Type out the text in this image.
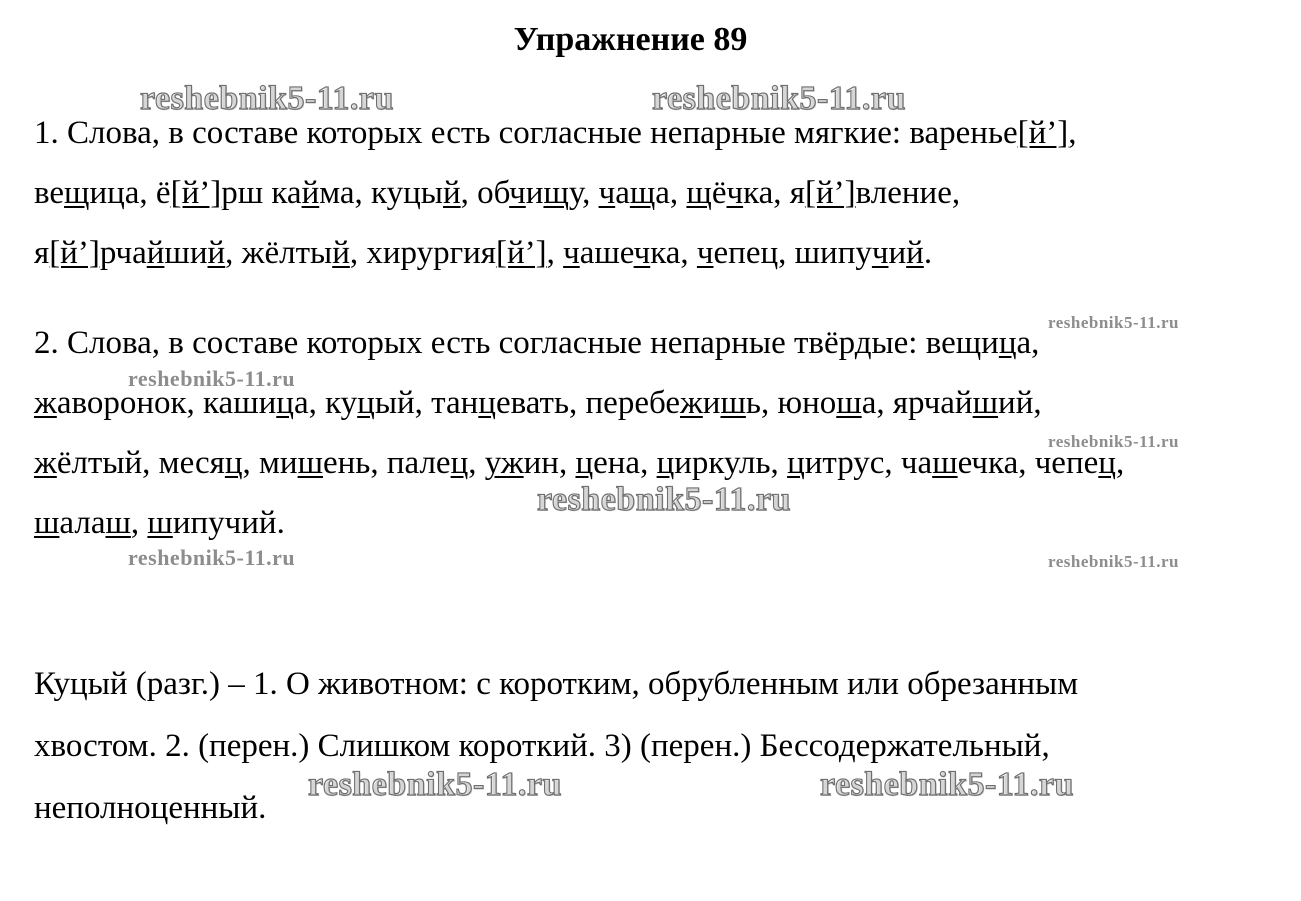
Упражнение 89
1. Слова, в составе которых есть согласные непарные мягкие: варенье[й’],
вещица, ё[й’]рш кайма, куцый, обчищу, чаща, щёчка, я[й’]вление,
я[й’]рчайший, жёлтый, хирургия[й’], чашечка, чепец, шипучий.
2. Слова, в составе которых есть согласные непарные твёрдые: вещица,
жаворонок, кашица, куцый, танцевать, перебежишь, юноша, ярчайший,
жёлтый, месяц, мишень, палец, ужин, цена, циркуль, цитрус, чашечка, чепец,
шалаш, шипучий.
Куцый (разг.) – 1. О животном: с коротким, обрубленным или обрезанным
хвостом. 2. (перен.) Слишком короткий. 3) (перен.) Бессодержательный,
неполноценный.
reshebnik5-11.ru	reshebnik5-11.ru
reshebnik5-11.ru
reshebnik5-11.ru
reshebnik5-11.ru
reshebnik5-11.ru
reshebnik5-11.ru	reshebnik5-11.ru
reshebnik5-11.ru	reshebnik5-11.ru
